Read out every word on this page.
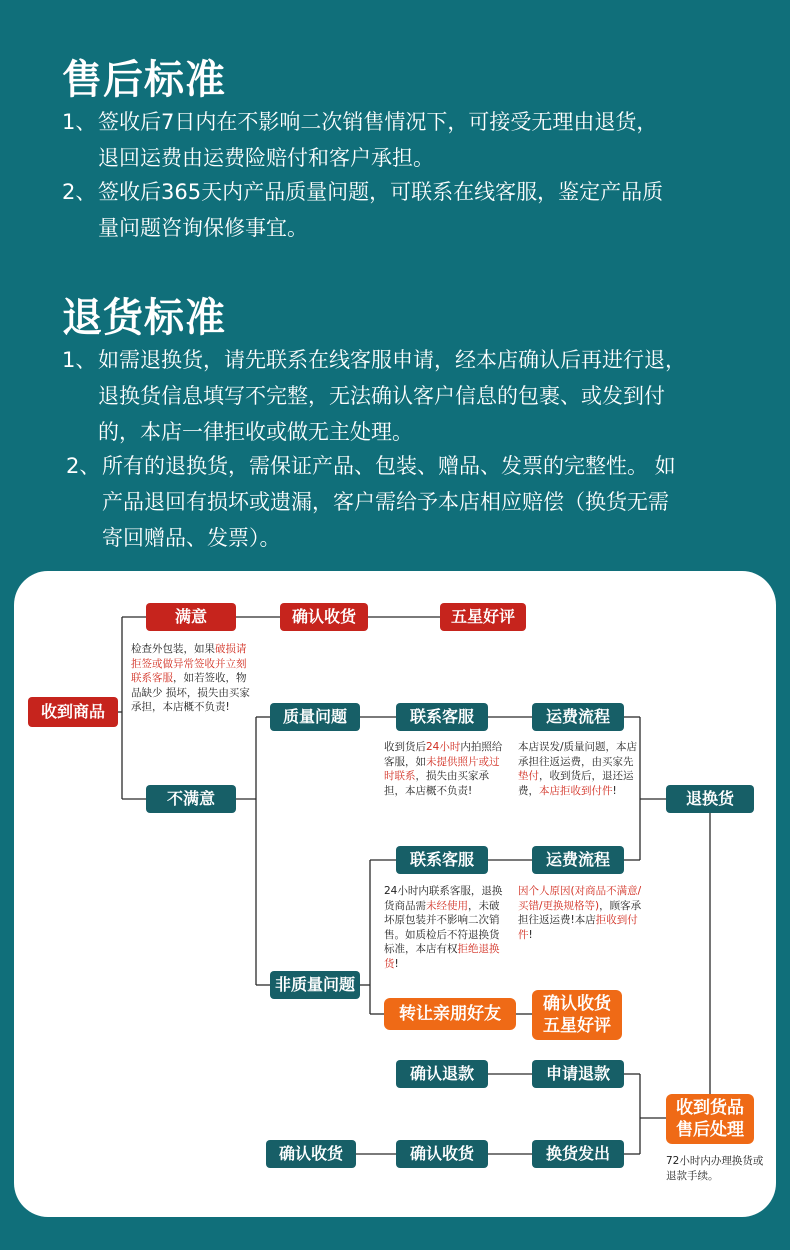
售后标准
1、签收后7日内在不影响二次销售情况下，可接受无理由退货，
退回运费由运费险赔付和客户承担。
2、签收后365天内产品质量问题，可联系在线客服，鉴定产品质
量问题咨询保修事宜。
退货标准
1、如需退换货，请先联系在线客服申请，经本店确认后再进行退，
退换货信息填写不完整，无法确认客户信息的包裹、或发到付
的，本店一律拒收或做无主处理。
2、所有的退换货，需保证产品、包装、赠品、发票的完整性。 如
产品退回有损坏或遗漏，客户需给予本店相应赔偿（换货无需
寄回赠品、发票）。
收到商品
满意	确认收货	五星好评
检查外包装，如果破损请拒签或做异常签收并立刻联系客服，如若签收，物品缺少 损坏，损失由买家承担，本店概不负责!
不满意
质量问题	联系客服	运费流程
收到货后24小时内拍照给客服，如未提供照片或过时联系，损失由买家承担，本店概不负责!
本店误发/质量问题，本店承担往返运费，由买家先垫付，收到货后，退还运费，本店拒收到付件!	退换货
联系客服	运费流程
24小时内联系客服，退换货商品需未经使用，未破坏原包装并不影响二次销售。如质检后不符退换货标准，本店有权拒绝退换货!
因个人原因(对商品不满意/买错/更换规格等)，顾客承担往返运费!本店拒收到付件!
非质量问题
转让亲朋好友	确认收货
五星好评
确认退款	申请退款
收到货品
售后处理
72小时内办理换货或退款手续。
确认收货	确认收货	换货发出
